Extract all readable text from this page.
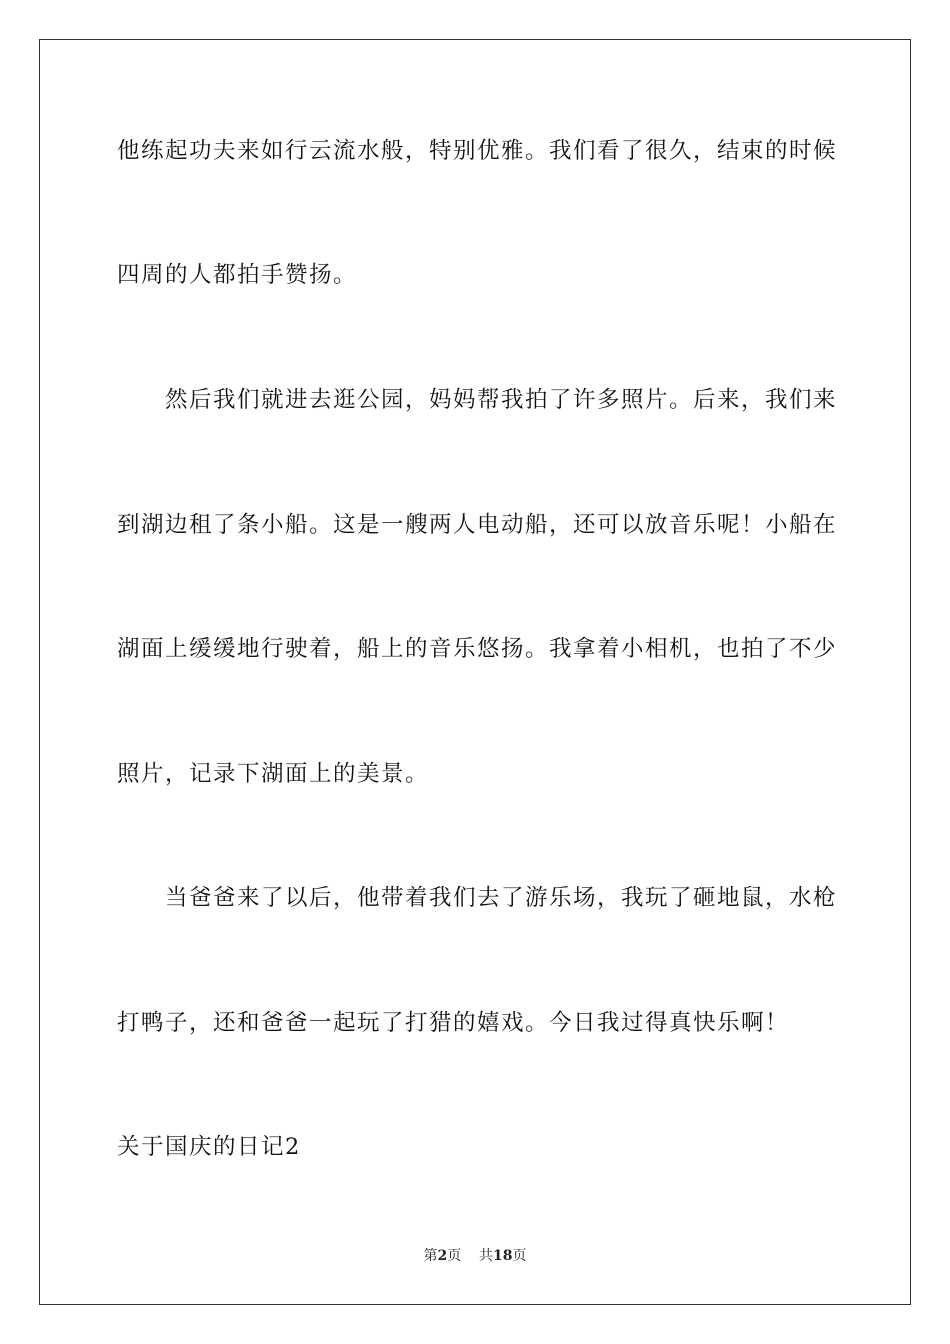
他练起功夫来如行云流水般，特别优雅。我们看了很久，结束的时候
四周的人都拍手赞扬。
　　然后我们就进去逛公园，妈妈帮我拍了许多照片。后来，我们来
到湖边租了条小船。这是一艘两人电动船，还可以放音乐呢！小船在
湖面上缓缓地行驶着，船上的音乐悠扬。我拿着小相机，也拍了不少
照片，记录下湖面上的美景。
　　当爸爸来了以后，他带着我们去了游乐场，我玩了砸地鼠，水枪
打鸭子，还和爸爸一起玩了打猎的嬉戏。今日我过得真快乐啊！
关于国庆的日记2
第2页 共18页
